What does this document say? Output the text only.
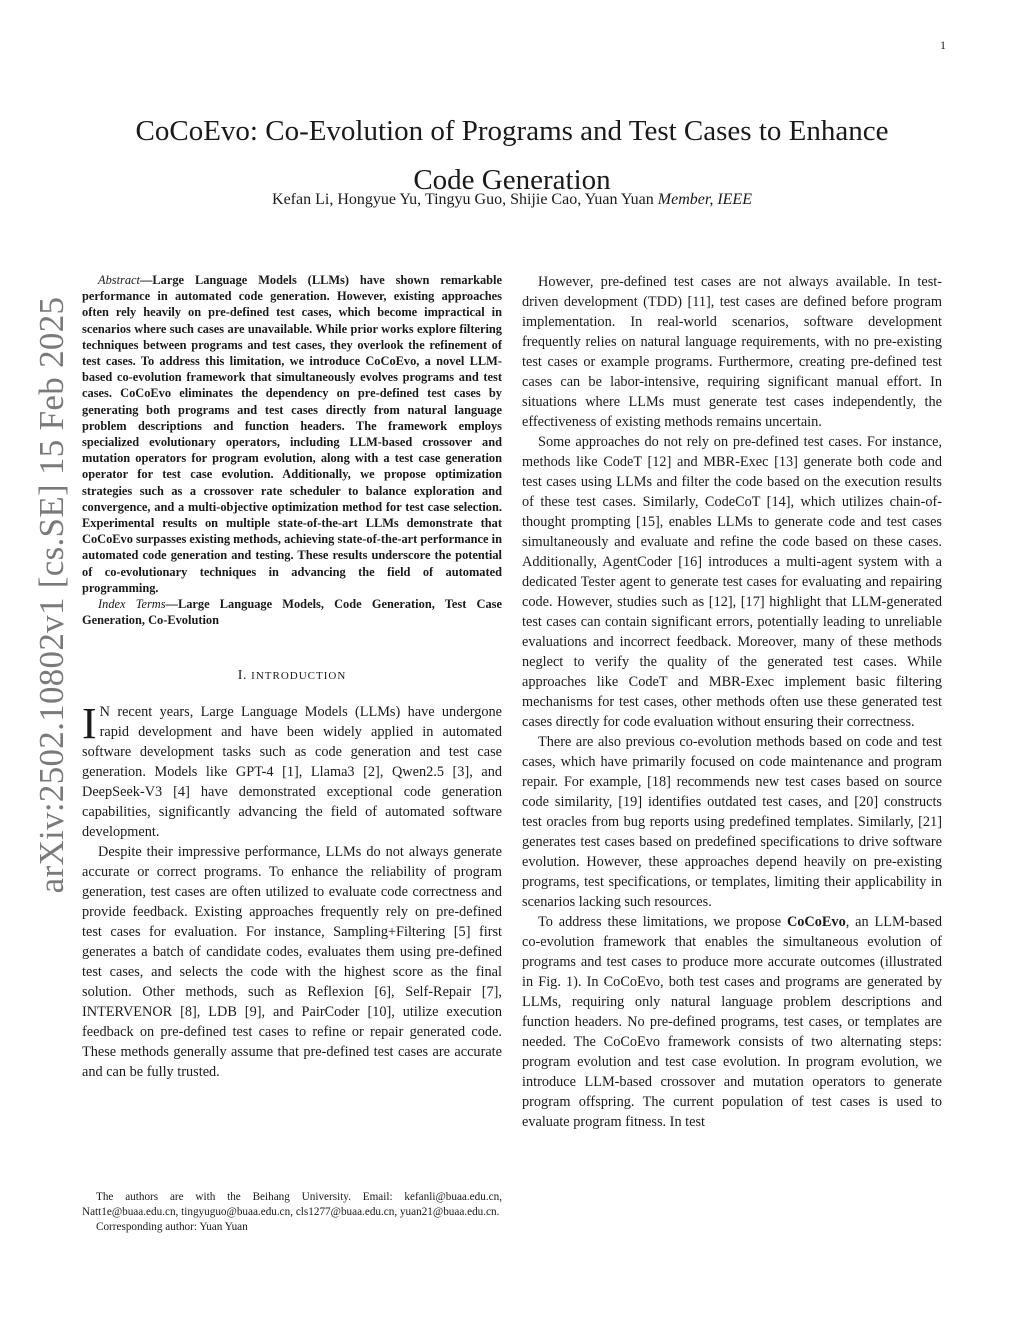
1
arXiv:2502.10802v1 [cs.SE] 15 Feb 2025
CoCoEvo: Co-Evolution of Programs and Test Cases to Enhance
Code Generation
Kefan Li, Hongyue Yu, Tingyu Guo, Shijie Cao, Yuan Yuan Member, IEEE

Abstract—Large Language Models (LLMs) have shown remarkable performance in automated code generation. However, existing approaches often rely heavily on pre-defined test cases, which become impractical in scenarios where such cases are unavailable. While prior works explore filtering techniques between programs and test cases, they overlook the refinement of test cases. To address this limitation, we introduce CoCoEvo, a novel LLM-based co-evolution framework that simultaneously evolves programs and test cases. CoCoEvo eliminates the dependency on pre-defined test cases by generating both programs and test cases directly from natural language problem descriptions and function headers. The framework employs specialized evolutionary operators, including LLM-based crossover and mutation operators for program evolution, along with a test case generation operator for test case evolution. Additionally, we propose optimization strategies such as a crossover rate scheduler to balance exploration and convergence, and a multi-objective optimization method for test case selection. Experimental results on multiple state-of-the-art LLMs demonstrate that CoCoEvo surpasses existing methods, achieving state-of-the-art performance in automated code generation and testing. These results underscore the potential of co-evolutionary techniques in advancing the field of automated programming.

Index Terms—Large Language Models, Code Generation, Test Case Generation, Co-Evolution

I. INTRODUCTION

I N recent years, Large Language Models (LLMs) have undergone rapid development and have been widely applied in automated software development tasks such as code generation and test case generation. Models like GPT-4 [1], Llama3 [2], Qwen2.5 [3], and DeepSeek-V3 [4] have demonstrated exceptional code generation capabilities, significantly advancing the field of automated software development.

Despite their impressive performance, LLMs do not always generate accurate or correct programs. To enhance the reliability of program generation, test cases are often utilized to evaluate code correctness and provide feedback. Existing approaches frequently rely on pre-defined test cases for evaluation. For instance, Sampling+Filtering [5] first generates a batch of candidate codes, evaluates them using pre-defined test cases, and selects the code with the highest score as the final solution. Other methods, such as Reflexion [6], Self-Repair [7], INTERVENOR [8], LDB [9], and PairCoder [10], utilize execution feedback on pre-defined test cases to refine or repair generated code. These methods generally assume that pre-defined test cases are accurate and can be fully trusted.

The authors are with the Beihang University. Email: kefanli@buaa.edu.cn, Natt1e@buaa.edu.cn, tingyuguo@buaa.edu.cn, cls1277@buaa.edu.cn, yuan21@buaa.edu.cn.

Corresponding author: Yuan Yuan

However, pre-defined test cases are not always available. In test-driven development (TDD) [11], test cases are defined before program implementation. In real-world scenarios, software development frequently relies on natural language requirements, with no pre-existing test cases or example programs. Furthermore, creating pre-defined test cases can be labor-intensive, requiring significant manual effort. In situations where LLMs must generate test cases independently, the effectiveness of existing methods remains uncertain.

Some approaches do not rely on pre-defined test cases. For instance, methods like CodeT [12] and MBR-Exec [13] generate both code and test cases using LLMs and filter the code based on the execution results of these test cases. Similarly, CodeCoT [14], which utilizes chain-of-thought prompting [15], enables LLMs to generate code and test cases simultaneously and evaluate and refine the code based on these cases. Additionally, AgentCoder [16] introduces a multi-agent system with a dedicated Tester agent to generate test cases for evaluating and repairing code. However, studies such as [12], [17] highlight that LLM-generated test cases can contain significant errors, potentially leading to unreliable evaluations and incorrect feedback. Moreover, many of these methods neglect to verify the quality of the generated test cases. While approaches like CodeT and MBR-Exec implement basic filtering mechanisms for test cases, other methods often use these generated test cases directly for code evaluation without ensuring their correctness.

There are also previous co-evolution methods based on code and test cases, which have primarily focused on code maintenance and program repair. For example, [18] recommends new test cases based on source code similarity, [19] identifies outdated test cases, and [20] constructs test oracles from bug reports using predefined templates. Similarly, [21] generates test cases based on predefined specifications to drive software evolution. However, these approaches depend heavily on pre-existing programs, test specifications, or templates, limiting their applicability in scenarios lacking such resources.

To address these limitations, we propose CoCoEvo, an LLM-based co-evolution framework that enables the simultaneous evolution of programs and test cases to produce more accurate outcomes (illustrated in Fig. 1). In CoCoEvo, both test cases and programs are generated by LLMs, requiring only natural language problem descriptions and function headers. No pre-defined programs, test cases, or templates are needed. The CoCoEvo framework consists of two alternating steps: program evolution and test case evolution. In program evolution, we introduce LLM-based crossover and mutation operators to generate program offspring. The current population of test cases is used to evaluate program fitness. In test
